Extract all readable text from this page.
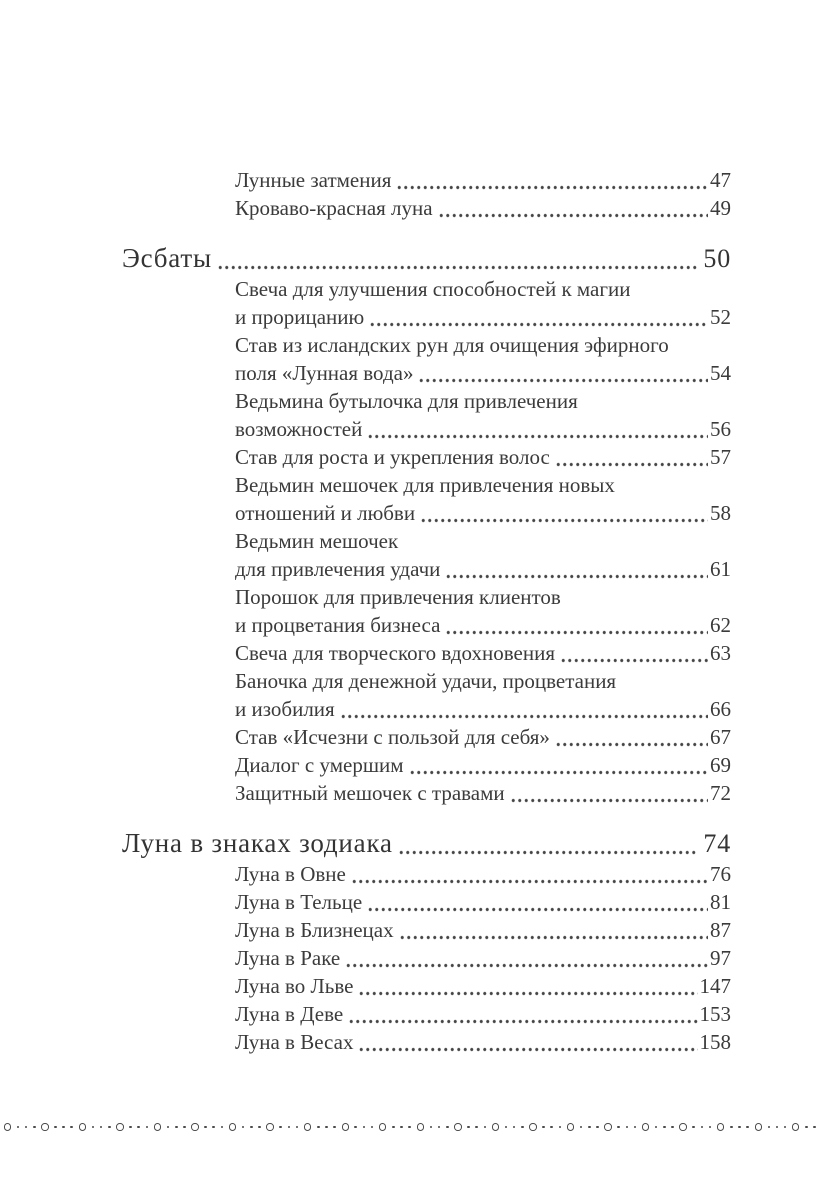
Лунные затмения	47
Кроваво-красная луна	49
Эсбаты	50
Свеча для улучшения способностей к магии
и прорицанию	52
Став из исландских рун для очищения эфирного
поля «Лунная вода»	54
Ведьмина бутылочка для привлечения
возможностей	56
Став для роста и укрепления волос	57
Ведьмин мешочек для привлечения новых
отношений и любви	58
Ведьмин мешочек
для привлечения удачи	61
Порошок для привлечения клиентов
и процветания бизнеса	62
Свеча для творческого вдохновения	63
Баночка для денежной удачи, процветания
и изобилия	66
Став «Исчезни с пользой для себя»	67
Диалог с умершим	69
Защитный мешочек с травами	72
Луна в знаках зодиака	74
Луна в Овне	76
Луна в Тельце	81
Луна в Близнецах	87
Луна в Раке	97
Луна во Льве	147
Луна в Деве	153
Луна в Весах	158
